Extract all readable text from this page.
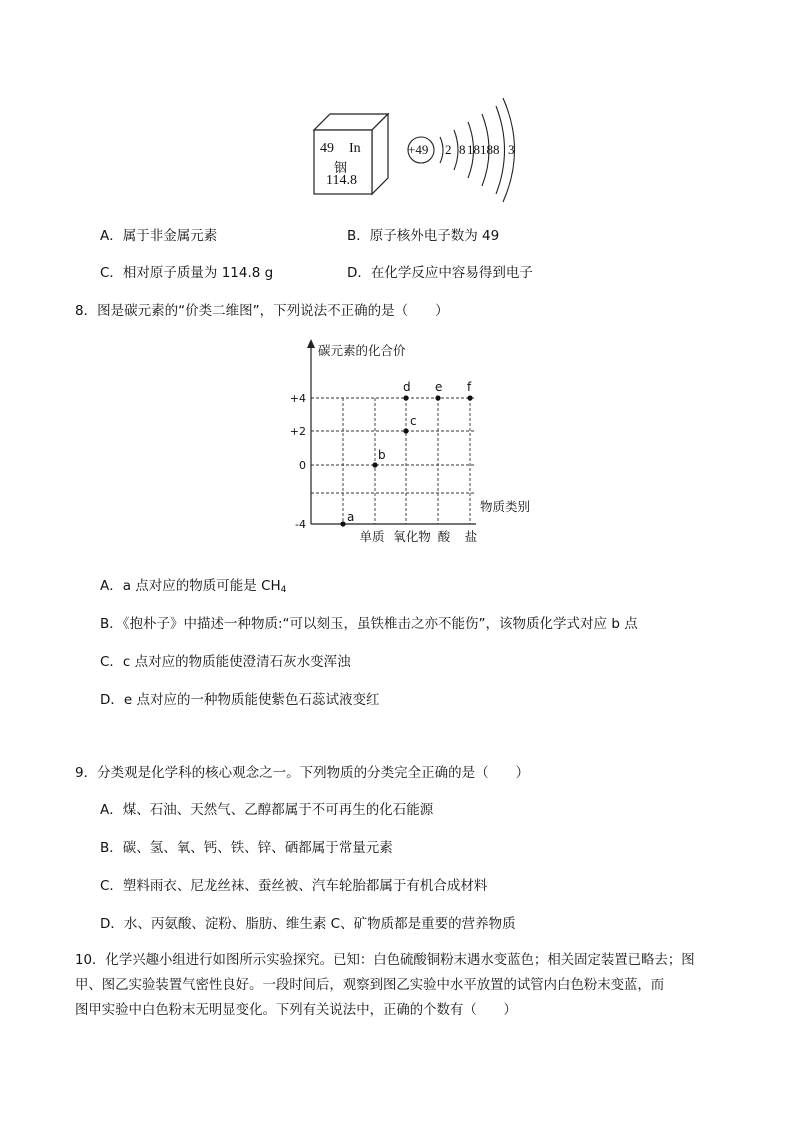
49 In
铟
114.8
+49 2 8 18 18 8 3
A．属于非金属元素	B．原子核外电子数为 49
C．相对原子质量为 114.8 g	D．在化学反应中容易得到电子
8．图是碳元素的“价类二维图”，下列说法不正确的是（　　）
+4
+2
0
-4
碳元素的化合价
物质类别
单质 氧化物 酸 盐
a
b
c
d e f
A．a 点对应的物质可能是 $CH_4$
B．《抱朴子》中描述一种物质:“可以刻玉，虽铁椎击之亦不能伤”，该物质化学式对应 b 点
C．c 点对应的物质能使澄清石灰水变浑浊
D．e 点对应的一种物质能使紫色石蕊试液变红
9．分类观是化学科的核心观念之一。下列物质的分类完全正确的是（　　）
A．煤、石油、天然气、乙醇都属于不可再生的化石能源
B．碳、氢、氧、钙、铁、锌、硒都属于常量元素
C．塑料雨衣、尼龙丝袜、蚕丝被、汽车轮胎都属于有机合成材料
D．水、丙氨酸、淀粉、脂肪、维生素 C、矿物质都是重要的营养物质
10．化学兴趣小组进行如图所示实验探究。已知：白色硫酸铜粉末遇水变蓝色；相关固定装置已略去；图
甲、图乙实验装置气密性良好。一段时间后，观察到图乙实验中水平放置的试管内白色粉末变蓝，而
图甲实验中白色粉末无明显变化。下列有关说法中，正确的个数有（　　）
